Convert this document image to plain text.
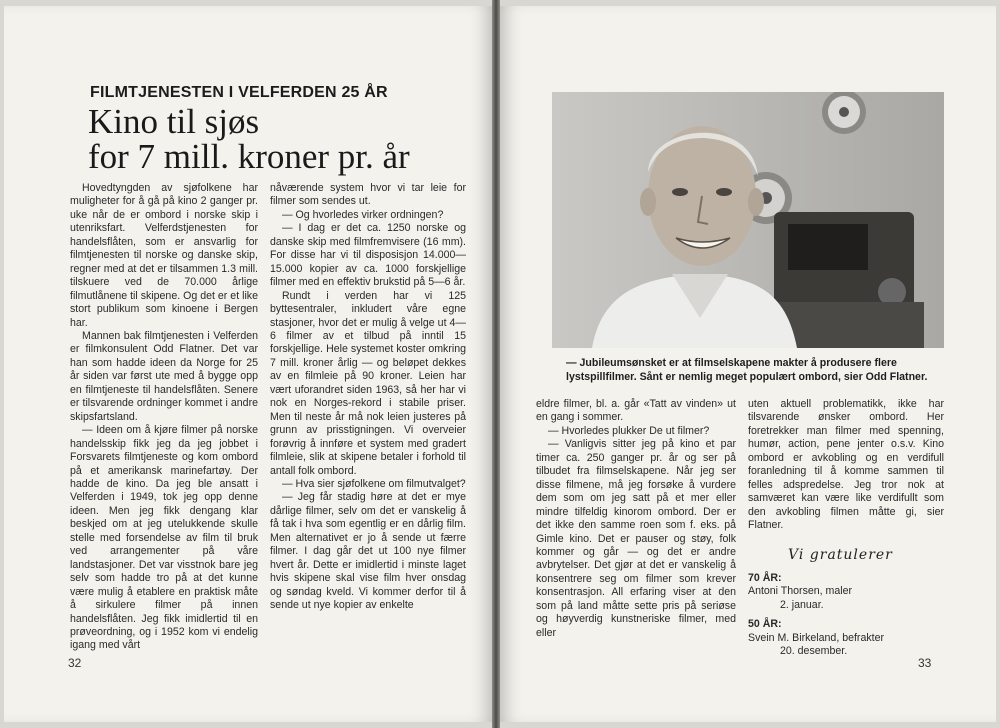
FILMTJENESTEN I VELFERDEN 25 ÅR
Kino til sjøs
for 7 mill. kroner pr. år

Hovedtyngden av sjøfolkene har muligheter for å gå på kino 2 ganger pr. uke når de er ombord i norske skip i utenriksfart. Velferdstjenesten for handelsflåten, som er ansvarlig for filmtjenesten til norske og danske skip, regner med at det er tilsammen 1.3 mill. tilskuere ved de 70.000 årlige filmutlånene til skipene. Og det er et like stort publikum som kinoene i Bergen har.

Mannen bak filmtjenesten i Velferden er filmkonsulent Odd Flatner. Det var han som hadde ideen da Norge for 25 år siden var først ute med å bygge opp en filmtjeneste til handelsflåten. Senere er tilsvarende ordninger kommet i andre skipsfartsland.

— Ideen om å kjøre filmer på norske handelsskip fikk jeg da jeg jobbet i Forsvarets filmtjeneste og kom ombord på et amerikansk marinefartøy. Der hadde de kino. Da jeg ble ansatt i Velferden i 1949, tok jeg opp denne ideen. Men jeg fikk dengang klar beskjed om at jeg utelukkende skulle stelle med forsendelse av film til bruk ved arrangementer på våre landstasjoner. Det var visstnok bare jeg selv som hadde tro på at det kunne være mulig å etablere en praktisk måte å sirkulere filmer på innen handelsflåten. Jeg fikk imidlertid til en prøveordning, og i 1952 kom vi endelig igang med vårt

nåværende system hvor vi tar leie for filmer som sendes ut.

— Og hvorledes virker ordningen?

— I dag er det ca. 1250 norske og danske skip med filmfremvisere (16 mm). For disse har vi til disposisjon 14.000—15.000 kopier av ca. 1000 forskjellige filmer med en effektiv brukstid på 5—6 år.

Rundt i verden har vi 125 byttesentraler, inkludert våre egne stasjoner, hvor det er mulig å velge ut 4—6 filmer av et tilbud på inntil 15 forskjellige. Hele systemet koster omkring 7 mill. kroner årlig — og beløpet dekkes av en filmleie på 90 kroner. Leien har vært uforandret siden 1963, så her har vi nok en Norges-rekord i stabile priser. Men til neste år må nok leien justeres på grunn av prisstigningen. Vi overveier forøvrig å innføre et system med gradert filmleie, slik at skipene betaler i forhold til antall folk ombord.

— Hva sier sjøfolkene om filmutvalget?

— Jeg får stadig høre at det er mye dårlige filmer, selv om det er vanskelig å få tak i hva som egentlig er en dårlig film. Men alternativet er jo å sende ut færre filmer. I dag går det ut 100 nye filmer hvert år. Dette er imidlertid i minste laget hvis skipene skal vise film hver onsdag og søndag kveld. Vi kommer derfor til å sende ut nye kopier av enkelte

32
— Jubileumsønsket er at filmselskapene makter å produsere flere lystspillfilmer. Sånt er nemlig meget populært ombord, sier Odd Flatner.

eldre filmer, bl. a. går «Tatt av vinden» ut en gang i sommer.

— Hvorledes plukker De ut filmer?

— Vanligvis sitter jeg på kino et par timer ca. 250 ganger pr. år og ser på tilbudet fra filmselskapene. Når jeg ser disse filmene, må jeg forsøke å vurdere dem som om jeg satt på et mer eller mindre tilfeldig kinorom ombord. Der er det ikke den samme roen som f. eks. på Gimle kino. Det er pauser og støy, folk kommer og går — og det er andre avbrytelser. Det gjør at det er vanskelig å konsentrere seg om filmer som krever konsentrasjon. All erfaring viser at den som på land måtte sette pris på seriøse og høyverdig kunstneriske filmer, med eller

uten aktuell problematikk, ikke har tilsvarende ønsker ombord. Her foretrekker man filmer med spenning, humør, action, pene jenter o.s.v. Kino ombord er avkobling og en verdifull foranledning til å komme sammen til felles adspredelse. Jeg tror nok at samværet kan være like verdifullt som den avkobling filmen måtte gi, sier Flatner.

Vi gratulerer
70 ÅR:
Antoni Thorsen, maler
2. januar.
50 ÅR:
Svein M. Birkeland, befrakter
20. desember.
33
